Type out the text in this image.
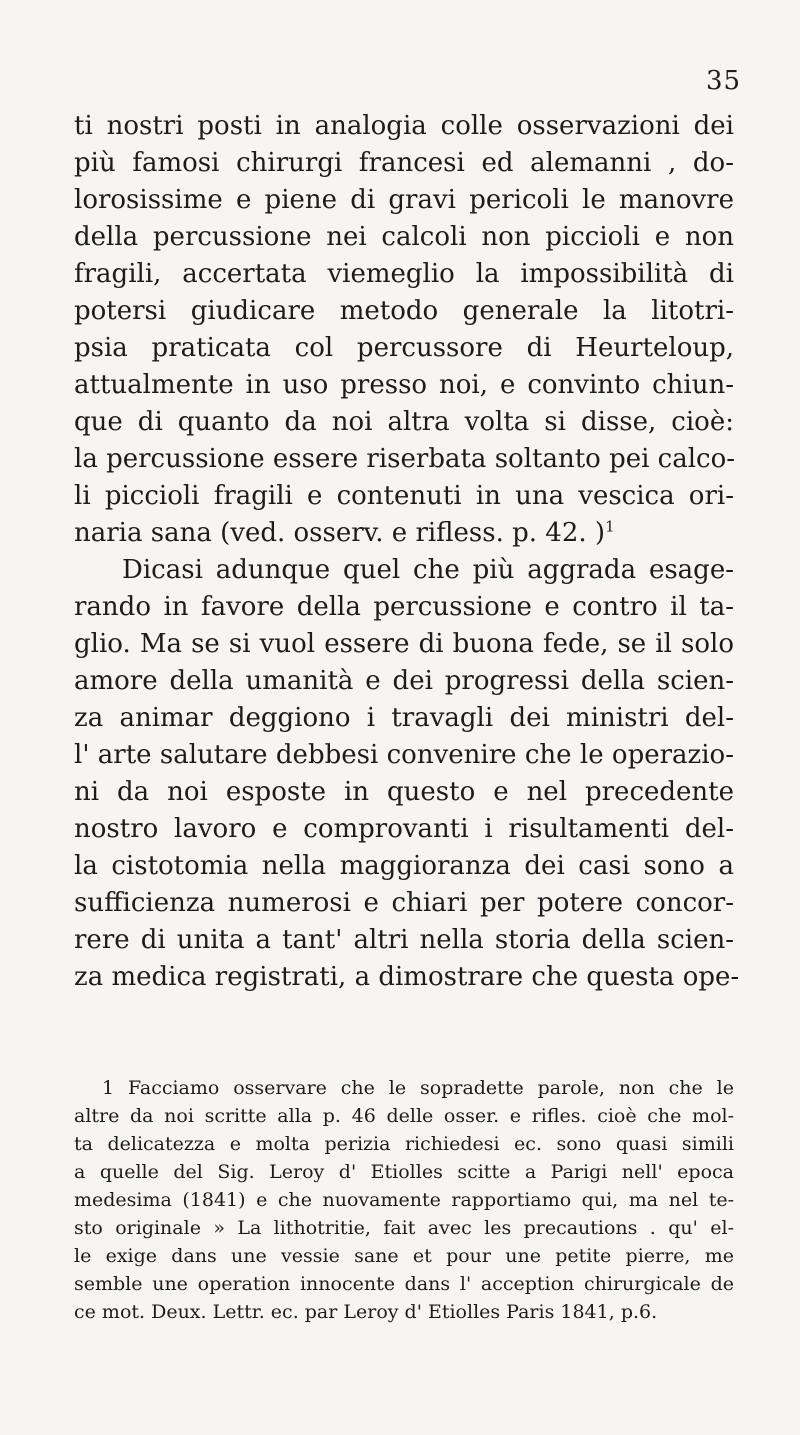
35
ti nostri posti in analogia colle osservazioni dei
più famosi chirurgi francesi ed alemanni , do-
lorosissime e piene di gravi pericoli le manovre
della percussione nei calcoli non piccioli e non
fragili, accertata viemeglio la impossibilità di
potersi giudicare metodo generale la litotri-
psia praticata col percussore di Heurteloup,
attualmente in uso presso noi, e convinto chiun-
que di quanto da noi altra volta si disse, cioè:
la percussione essere riserbata soltanto pei calco-
li piccioli fragili e contenuti in una vescica ori-
naria sana (ved. osserv. e rifless. p. 42. )$^1$
Dicasi adunque quel che più aggrada esage-
rando in favore della percussione e contro il ta-
glio. Ma se si vuol essere di buona fede, se il solo
amore della umanità e dei progressi della scien-
za animar deggiono i travagli dei ministri del-
l' arte salutare debbesi convenire che le operazio-
ni da noi esposte in questo e nel precedente
nostro lavoro e comprovanti i risultamenti del-
la cistotomia nella maggioranza dei casi sono a
sufficienza numerosi e chiari per potere concor-
rere di unita a tant' altri nella storia della scien-
za medica registrati, a dimostrare che questa ope-
1 Facciamo osservare che le sopradette parole, non che le
altre da noi scritte alla p. 46 delle osser. e rifles. cioè che mol-
ta delicatezza e molta perizia richiedesi ec. sono quasi simili
a quelle del Sig. Leroy d' Etiolles scitte a Parigi nell' epoca
medesima (1841) e che nuovamente rapportiamo qui, ma nel te-
sto originale » La lithotritie, fait avec les precautions . qu' el-
le exige dans une vessie sane et pour une petite pierre, me
semble une operation innocente dans l' acception chirurgicale de
ce mot. Deux. Lettr. ec. par Leroy d' Etiolles Paris 1841, p.6.
